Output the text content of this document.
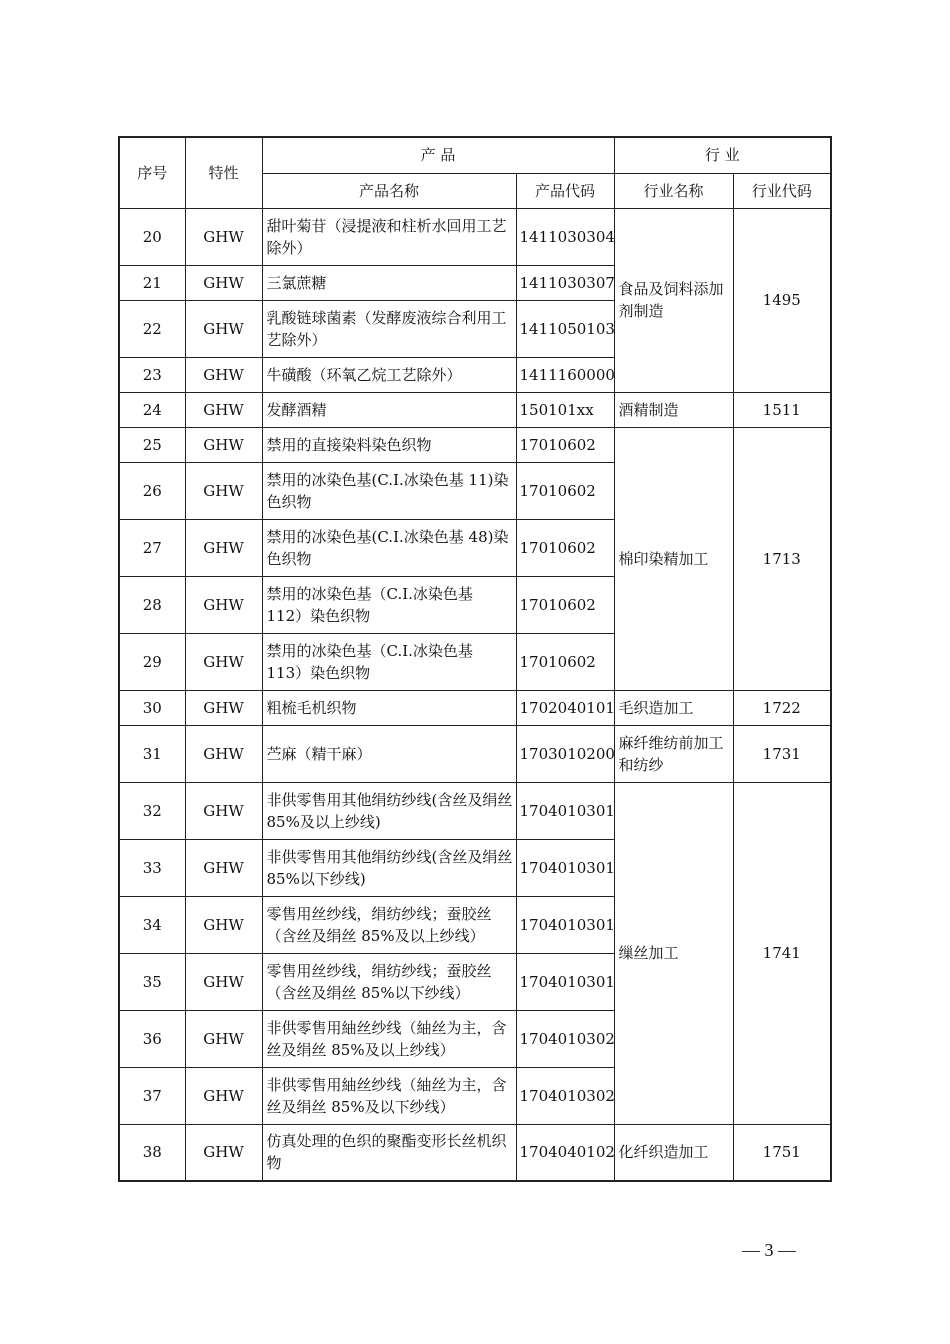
序号	特性	产 品		行 业	
		产品名称	产品代码	行业名称	行业代码
20	GHW	甜叶菊苷（浸提液和柱析水回用工艺除外）	1411030304	食品及饲料添加剂制造	1495
21	GHW	三氯蔗糖	1411030307		
22	GHW	乳酸链球菌素（发酵废液综合利用工艺除外）	1411050103		
23	GHW	牛磺酸（环氧乙烷工艺除外）	1411160000		
24	GHW	发酵酒精	150101xx	酒精制造	1511
25	GHW	禁用的直接染料染色织物	17010602	棉印染精加工	1713
26	GHW	禁用的冰染色基(C.I.冰染色基 11)染色织物	17010602		
27	GHW	禁用的冰染色基(C.I.冰染色基 48)染色织物	17010602		
28	GHW	禁用的冰染色基（C.I.冰染色基 112）染色织物	17010602		
29	GHW	禁用的冰染色基（C.I.冰染色基 113）染色织物	17010602		
30	GHW	粗梳毛机织物	1702040101	毛织造加工	1722
31	GHW	苎麻（精干麻）	1703010200	麻纤维纺前加工和纺纱	1731
32	GHW	非供零售用其他绢纺纱线(含丝及绢丝 85%及以上纱线)	1704010301	缫丝加工	1741
33	GHW	非供零售用其他绢纺纱线(含丝及绢丝 85%以下纱线)	1704010301		
34	GHW	零售用丝纱线，绢纺纱线；蚕胶丝（含丝及绢丝 85%及以上纱线）	1704010301		
35	GHW	零售用丝纱线，绢纺纱线；蚕胶丝（含丝及绢丝 85%以下纱线）	1704010301		
36	GHW	非供零售用紬丝纱线（紬丝为主，含丝及绢丝 85%及以上纱线）	1704010302		
37	GHW	非供零售用紬丝纱线（紬丝为主，含丝及绢丝 85%及以下纱线）	1704010302		
38	GHW	仿真处理的色织的聚酯变形长丝机织物	1704040102	化纤织造加工	1751
— 3 —
